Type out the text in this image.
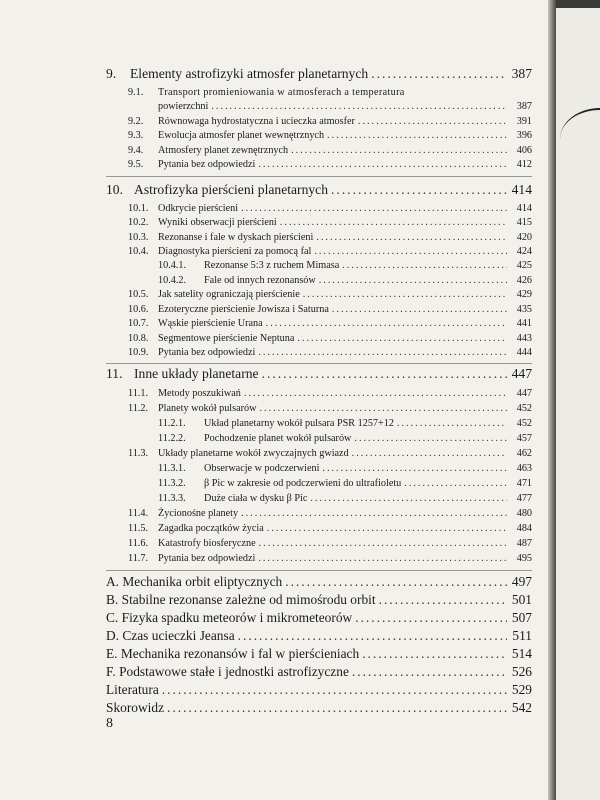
9.	Elementy astrofizyki atmosfer planetarnych .....	387
9.1.	Transport promieniowania w atmosferach a temperatura
powierzchni .....	387
9.2.	Równowaga hydrostatyczna i ucieczka atmosfer .....	391
9.3.	Ewolucja atmosfer planet wewnętrznych .....	396
9.4.	Atmosfery planet zewnętrznych .....	406
9.5.	Pytania bez odpowiedzi .....	412
10. Astrofizyka pierścieni planetarnych .....	414
10.1. Odkrycie pierścieni .....	414
10.2. Wyniki obserwacji pierścieni .....	415
10.3. Rezonanse i fale w dyskach pierścieni .....	420
10.4. Diagnostyka pierścieni za pomocą fal .....	424
10.4.1.	Rezonanse 5:3 z ruchem Mimasa .....	425
10.4.2.	Fale od innych rezonansów .....	426
10.5. Jak satelity ograniczają pierścienie .....	429
10.6. Ezoteryczne pierścienie Jowisza i Saturna .....	435
10.7. Wąskie pierścienie Urana .....	441
10.8. Segmentowe pierścienie Neptuna .....	443
10.9. Pytania bez odpowiedzi .....	444
11. Inne układy planetarne .....	447
11.1. Metody poszukiwań .....	447
11.2. Planety wokół pulsarów .....	452
11.2.1.	Układ planetarny wokół pulsara PSR 1257+12 .....	452
11.2.2.	Pochodzenie planet wokół pulsarów .....	457
11.3. Układy planetarne wokół zwyczajnych gwiazd .....	462
11.3.1.	Obserwacje w podczerwieni .....	463
11.3.2.	β Pic w zakresie od podczerwieni do ultrafioletu .....	471
11.3.3.	Duże ciała w dysku β Pic .....	477
11.4. Życionośne planety .....	480
11.5. Zagadka początków życia .....	484
11.6. Katastrofy biosferyczne .....	487
11.7. Pytania bez odpowiedzi .....	495
A. Mechanika orbit eliptycznych .....	497
B. Stabilne rezonanse zależne od mimośrodu orbit .....	501
C. Fizyka spadku meteorów i mikrometeorów .....	507
D. Czas ucieczki Jeansa .....	511
E. Mechanika rezonansów i fal w pierścieniach .....	514
F. Podstawowe stałe i jednostki astrofizyczne .....	526
Literatura .....	529
Skorowidz .....	542
8
